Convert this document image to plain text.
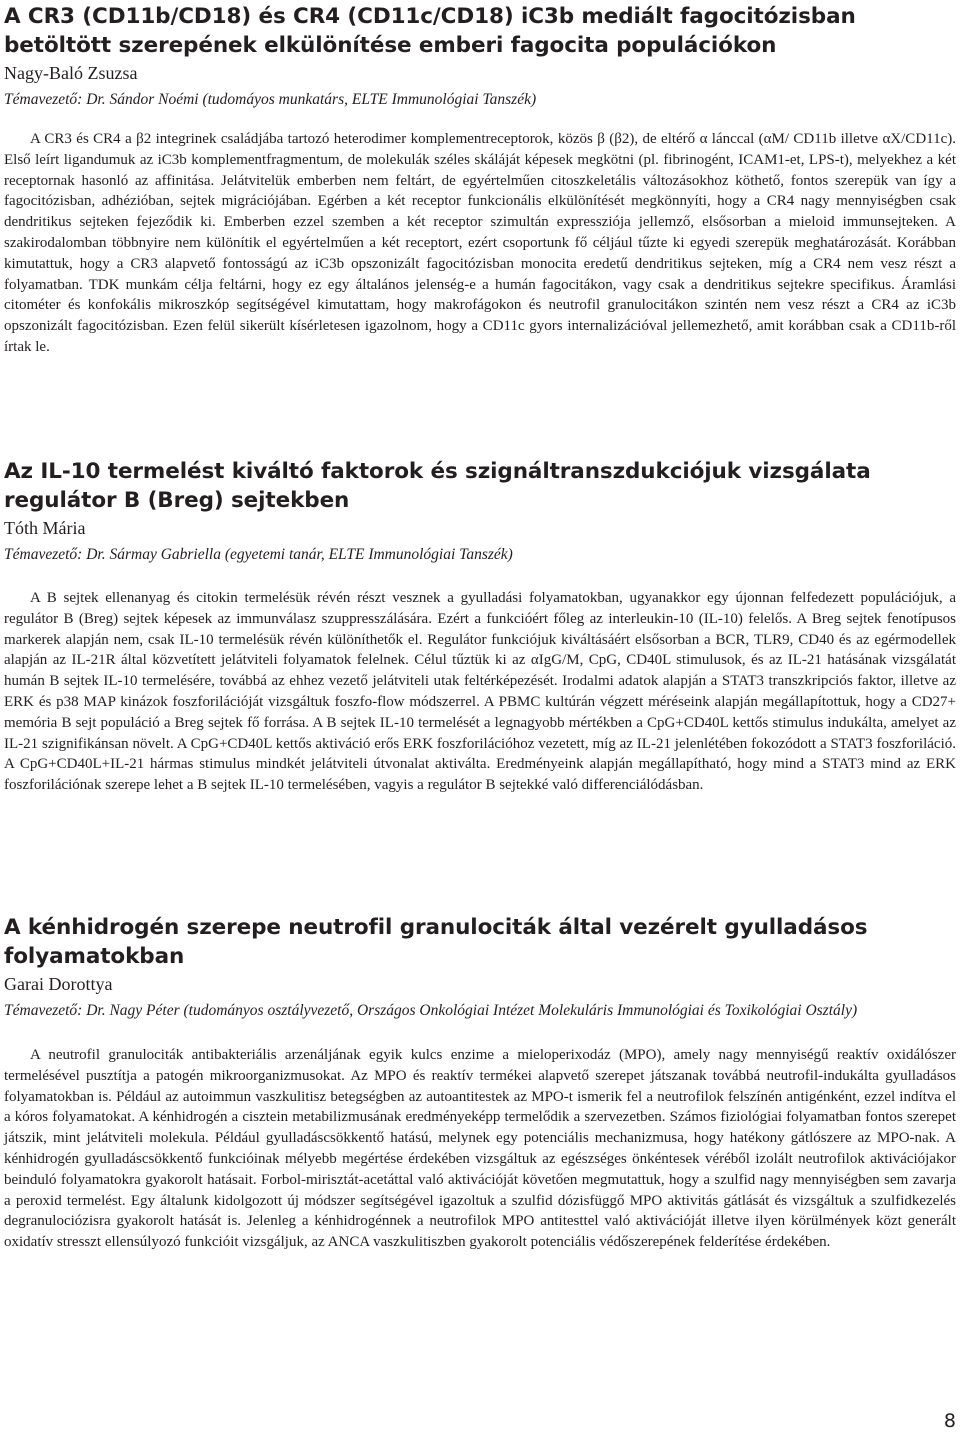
A CR3 (CD11b/CD18) és CR4 (CD11c/CD18) iC3b mediált fagocitózisban betöltött szerepének elkülönítése emberi fagocita populációkon

Nagy-Baló Zsuzsa

Témavezető: Dr. Sándor Noémi (tudomáyos munkatárs, ELTE Immunológiai Tanszék)

A CR3 és CR4 a β2 integrinek családjába tartozó heterodimer komplementreceptorok, közös β (β2), de eltérő α lánccal (αM/ CD11b illetve αX/CD11c). Első leírt ligandumuk az iC3b komplementfragmentum, de molekulák széles skáláját képesek megkötni (pl. fibrinogént, ICAM1-et, LPS-t), melyekhez a két receptornak hasonló az affinitása. Jelátvitelük emberben nem feltárt, de egyértelműen citoszkeletális változásokhoz köthető, fontos szerepük van így a fagocitózisban, adhézióban, sejtek migrációjában. Egérben a két receptor funkcionális elkülönítését megkönnyíti, hogy a CR4 nagy mennyiségben csak dendritikus sejteken fejeződik ki. Emberben ezzel szemben a két receptor szimultán expressziója jellemző, elsősorban a mieloid immunsejteken. A szakirodalomban többnyire nem különítik el egyértelműen a két receptort, ezért csoportunk fő céljául tűzte ki egyedi szerepük meghatározását. Korábban kimutattuk, hogy a CR3 alapvető fontosságú az iC3b opszonizált fagocitózisban monocita eredetű dendritikus sejteken, míg a CR4 nem vesz részt a folyamatban. TDK munkám célja feltárni, hogy ez egy általános jelenség-e a humán fagocitákon, vagy csak a dendritikus sejtekre specifikus. Áramlási citométer és konfokális mikroszkóp segítségével kimutattam, hogy makrofágokon és neutrofil granulocitákon szintén nem vesz részt a CR4 az iC3b opszonizált fagocitózisban. Ezen felül sikerült kísérletesen igazolnom, hogy a CD11c gyors internalizációval jellemezhető, amit korábban csak a CD11b-ről írtak le.

Az IL-10 termelést kiváltó faktorok és szignáltranszdukciójuk vizsgálata regulátor B (Breg) sejtekben

Tóth Mária

Témavezető: Dr. Sármay Gabriella (egyetemi tanár, ELTE Immunológiai Tanszék)

A B sejtek ellenanyag és citokin termelésük révén részt vesznek a gyulladási folyamatokban, ugyanakkor egy újonnan felfedezett populációjuk, a regulátor B (Breg) sejtek képesek az immunválasz szuppresszálására. Ezért a funkcióért főleg az interleukin-10 (IL-10) felelős. A Breg sejtek fenotípusos markerek alapján nem, csak IL-10 termelésük révén különíthetők el. Regulátor funkciójuk kiváltásáért elsősorban a BCR, TLR9, CD40 és az egérmodellek alapján az IL-21R által közvetített jelátviteli folyamatok felelnek. Célul tűztük ki az αIgG/M, CpG, CD40L stimulusok, és az IL-21 hatásának vizsgálatát humán B sejtek IL-10 termelésére, továbbá az ehhez vezető jelátviteli utak feltérképezését. Irodalmi adatok alapján a STAT3 transzkripciós faktor, illetve az ERK és p38 MAP kinázok foszforilációját vizsgáltuk foszfo-flow módszerrel. A PBMC kultúrán végzett méréseink alapján megállapítottuk, hogy a CD27+ memória B sejt populáció a Breg sejtek fő forrása. A B sejtek IL-10 termelését a legnagyobb mértékben a CpG+CD40L kettős stimulus indukálta, amelyet az IL-21 szignifikánsan növelt. A CpG+CD40L kettős aktiváció erős ERK foszforilációhoz vezetett, míg az IL-21 jelenlétében fokozódott a STAT3 foszforiláció. A CpG+CD40L+IL-21 hármas stimulus mindkét jelátviteli útvonalat aktiválta. Eredményeink alapján megállapítható, hogy mind a STAT3 mind az ERK foszforilációnak szerepe lehet a B sejtek IL-10 termelésében, vagyis a regulátor B sejtekké való differenciálódásban.

A kénhidrogén szerepe neutrofil granulociták által vezérelt gyulladásos folyamatokban

Garai Dorottya

Témavezető: Dr. Nagy Péter (tudományos osztályvezető, Országos Onkológiai Intézet Molekuláris Immunológiai és Toxikológiai Osztály)

A neutrofil granulociták antibakteriális arzenáljának egyik kulcs enzime a mieloperixodáz (MPO), amely nagy mennyiségű reaktív oxidálószer termelésével pusztítja a patogén mikroorganizmusokat. Az MPO és reaktív termékei alapvető szerepet játszanak továbbá neutrofil-indukálta gyulladásos folyamatokban is. Például az autoimmun vaszkulitisz betegségben az autoantitestek az MPO-t ismerik fel a neutrofilok felszínén antigénként, ezzel indítva el a kóros folyamatokat. A kénhidrogén a cisztein metabilizmusának eredményeképp termelődik a szervezetben. Számos fiziológiai folyamatban fontos szerepet játszik, mint jelátviteli molekula. Például gyulladáscsökkentő hatású, melynek egy potenciális mechanizmusa, hogy hatékony gátlószere az MPO-nak. A kénhidrogén gyulladáscsökkentő funkcióinak mélyebb megértése érdekében vizsgáltuk az egészséges önkéntesek véréből izolált neutrofilok aktivációjakor beinduló folyamatokra gyakorolt hatásait. Forbol-mirisztát-acetáttal való aktivációját követően megmutattuk, hogy a szulfid nagy mennyiségben sem zavarja a peroxid termelést. Egy általunk kidolgozott új módszer segítségével igazoltuk a szulfid dózisfüggő MPO aktivitás gátlását és vizsgáltuk a szulfidkezelés degranulociózisra gyakorolt hatását is. Jelenleg a kénhidrogénnek a neutrofilok MPO antitesttel való aktivációját illetve ilyen körülmények közt generált oxidatív stresszt ellensúlyozó funkcióit vizsgáljuk, az ANCA vaszkulitiszben gyakorolt potenciális védőszerepének felderítése érdekében.

8
